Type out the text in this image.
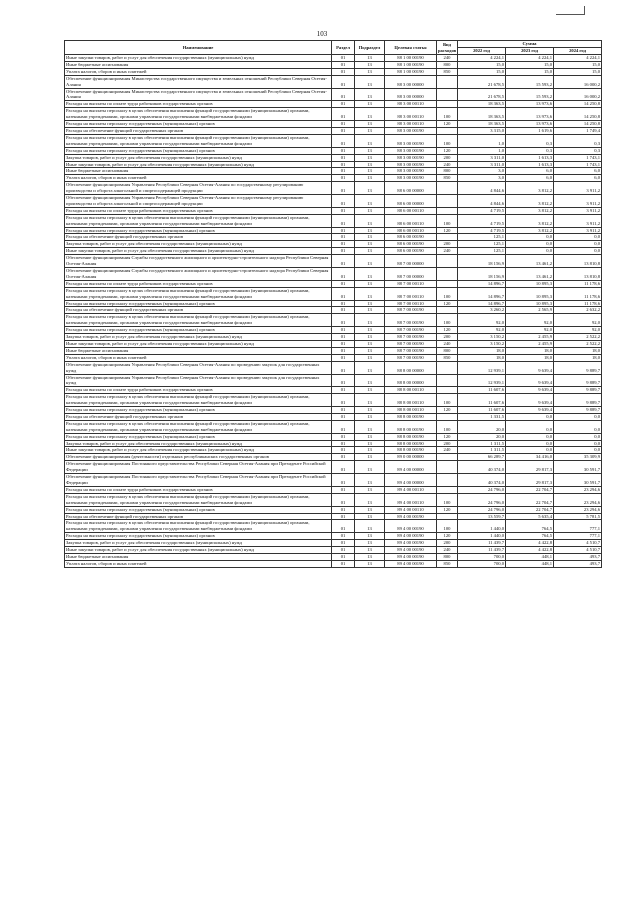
103
Наименование	Раздел	Подраздел	Целевая статья	Вид расходов	Сумма		
					2022 год	2023 год	2024 год
Иные закупки товаров, работ и услуг для обеспечения государственных (муниципальных) нужд	01	13	88 1 00 00190	240	4 224,1	4 224,1	4 224,1
Иные бюджетные ассигнования	01	13	88 1 00 00190	800	15,0	15,0	15,0
Уплата налогов, сборов и иных платежей	01	13	88 1 00 00190	850	15,0	15,0	15,0
Обеспечение функционирования Министерства государственного имущества и земельных отношений Республики Северная Осетия-Алания	01	13	88 3 00 00000		21 678,5	15 593,2	16 000,2
Обеспечение функционирования Министерства государственного имущества и земельных отношений Республики Северная Осетия-Алания	01	13	88 3 00 00000		21 678,5	15 593,2	16 000,2
Расходы на выплаты по оплате труда работников государственных органов	01	13	88 3 00 00110		18 363,5	13 973,6	14 250,8
Расходы на выплаты персоналу в целях обеспечения выполнения функций государственными (муниципальными) органами, казенными учреждениями, органами управления государственными внебюджетными фондами	01	13	88 3 00 00110	100	18 363,5	13 973,6	14 250,8
Расходы на выплаты персоналу государственных (муниципальных) органов	01	13	88 3 00 00110	120	18 363,5	13 973,6	14 250,8
Расходы на обеспечение функций государственных органов	01	13	88 3 00 00190		3 315,0	1 619,6	1 749,4
Расходы на выплаты персоналу в целях обеспечения выполнения функций государственными (муниципальными) органами, казенными учреждениями, органами управления государственными внебюджетными фондами	01	13	88 3 00 00190	100	1,0	0,3	0,3
Расходы на выплаты персоналу государственных (муниципальных) органов	01	13	88 3 00 00190	120	1,0	0,3	0,3
Закупка товаров, работ и услуг для обеспечения государственных (муниципальных) нужд	01	13	88 3 00 00190	200	3 311,0	1 613,3	1 743,1
Иные закупки товаров, работ и услуг для обеспечения государственных (муниципальных) нужд	01	13	88 3 00 00190	240	3 311,0	1 613,3	1 743,1
Иные бюджетные ассигнования	01	13	88 3 00 00190	800	3,0	6,0	6,0
Уплата налогов, сборов и иных платежей	01	13	88 3 00 00190	850	3,0	6,0	6,0
Обеспечение функционирования Управления Республики Северная Осетия-Алания по государственному регулированию производства и оборота алкогольной и спиртосодержащей продукции	01	13	88 6 00 00000		4 844,6	3 812,2	3 911,2
Обеспечение функционирования Управления Республики Северная Осетия-Алания по государственному регулированию производства и оборота алкогольной и спиртосодержащей продукции	01	13	88 6 00 00000		4 844,6	3 812,2	3 911,2
Расходы на выплаты по оплате труда работников государственных органов	01	13	88 6 00 00110		4 719,5	3 812,2	3 911,2
Расходы на выплаты персоналу в целях обеспечения выполнения функций государственными (муниципальными) органами, казенными учреждениями, органами управления государственными внебюджетными фондами	01	13	88 6 00 00110	100	4 719,5	3 812,2	3 911,2
Расходы на выплаты персоналу государственных (муниципальных) органов	01	13	88 6 00 00110	120	4 719,5	3 812,2	3 911,2
Расходы на обеспечение функций государственных органов	01	13	88 6 00 00190		125,1	0,0	0,0
Закупка товаров, работ и услуг для обеспечения государственных (муниципальных) нужд	01	13	88 6 00 00190	200	125,1	0,0	0,0
Иные закупки товаров, работ и услуг для обеспечения государственных (муниципальных) нужд	01	13	88 6 00 00190	240	125,1	0,0	0,0
Обеспечение функционирования Службы государственного жилищного и архитектурно-строительного надзора Республики Северная Осетия-Алания	01	13	88 7 00 00000		18 156,9	13 461,2	13 810,8
Обеспечение функционирования Службы государственного жилищного и архитектурно-строительного надзора Республики Северная Осетия-Алания	01	13	88 7 00 00000		18 156,9	13 461,2	13 810,8
Расходы на выплаты по оплате труда работников государственных органов	01	13	88 7 00 00110		14 896,7	10 895,3	11 178,6
Расходы на выплаты персоналу в целях обеспечения выполнения функций государственными (муниципальными) органами, казенными учреждениями, органами управления государственными внебюджетными фондами	01	13	88 7 00 00110	100	14 896,7	10 895,3	11 178,6
Расходы на выплаты персоналу государственных (муниципальных) органов	01	13	88 7 00 00110	120	14 896,7	10 895,3	11 178,6
Расходы на обеспечение функций государственных органов	01	13	88 7 00 00190		3 260,2	2 565,9	2 632,2
Расходы на выплаты персоналу в целях обеспечения выполнения функций государственными (муниципальными) органами, казенными учреждениями, органами управления государственными внебюджетными фондами	01	13	88 7 00 00190	100	92,0	92,0	92,0
Расходы на выплаты персоналу государственных (муниципальных) органов	01	13	88 7 00 00190	120	92,0	92,0	92,0
Закупка товаров, работ и услуг для обеспечения государственных (муниципальных) нужд	01	13	88 7 00 00190	200	3 150,2	2 455,9	2 522,2
Иные закупки товаров, работ и услуг для обеспечения государственных (муниципальных) нужд	01	13	88 7 00 00190	240	3 150,2	2 455,9	2 522,2
Иные бюджетные ассигнования	01	13	88 7 00 00190	800	18,0	18,0	18,0
Уплата налогов, сборов и иных платежей	01	13	88 7 00 00190	850	18,0	18,0	18,0
Обеспечение функционирования Управления Республики Северная Осетия-Алания по проведению закупок для государственных нужд	01	13	88 8 00 00000		12 939,1	9 639,4	9 889,7
Обеспечение функционирования Управления Республики Северная Осетия-Алания по проведению закупок для государственных нужд	01	13	88 8 00 00000		12 939,1	9 639,4	9 889,7
Расходы на выплаты по оплате труда работников государственных органов	01	13	88 8 00 00110		11 607,6	9 639,4	9 889,7
Расходы на выплаты персоналу в целях обеспечения выполнения функций государственными (муниципальными) органами, казенными учреждениями, органами управления государственными внебюджетными фондами	01	13	88 8 00 00110	100	11 607,6	9 639,4	9 889,7
Расходы на выплаты персоналу государственных (муниципальных) органов	01	13	88 8 00 00110	120	11 607,6	9 639,4	9 889,7
Расходы на обеспечение функций государственных органов	01	13	88 8 00 00190		1 331,5	0,0	0,0
Расходы на выплаты персоналу в целях обеспечения выполнения функций государственными (муниципальными) органами, казенными учреждениями, органами управления государственными внебюджетными фондами	01	13	88 8 00 00190	100	20,0	0,0	0,0
Расходы на выплаты персоналу государственных (муниципальных) органов	01	13	88 8 00 00190	120	20,0	0,0	0,0
Закупка товаров, работ и услуг для обеспечения государственных (муниципальных) нужд	01	13	88 8 00 00190	200	1 311,5	0,0	0,0
Иные закупки товаров, работ и услуг для обеспечения государственных (муниципальных) нужд	01	13	88 8 00 00190	240	1 311,5	0,0	0,0
Обеспечение функционирования (деятельности) отдельных республиканских государственных органов	01	13	89 0 00 00000		66 289,7	34 416,0	35 309,9
Обеспечение функционирования Постоянного представительства Республики Северная Осетия-Алания при Президенте Российской Федерации	01	13	89 4 00 00000		40 374,0	29 817,3	30 591,7
Обеспечение функционирования Постоянного представительства Республики Северная Осетия-Алания при Президенте Российской Федерации	01	13	89 4 00 00000		40 374,0	29 817,3	30 591,7
Расходы на выплаты по оплате труда работников государственных органов	01	13	89 4 00 00110		24 796,0	22 704,7	23 294,6
Расходы на выплаты персоналу в целях обеспечения выполнения функций государственными (муниципальными) органами, казенными учреждениями, органами управления государственными внебюджетными фондами	01	13	89 4 00 00110	100	24 796,0	22 704,7	23 294,6
Расходы на выплаты персоналу государственных (муниципальных) органов	01	13	89 4 00 00110	120	24 796,0	22 704,7	23 294,6
Расходы на обеспечение функций государственных органов	01	13	89 4 00 00190		13 559,7	5 635,4	5 781,5
Расходы на выплаты персоналу в целях обеспечения выполнения функций государственными (муниципальными) органами, казенными учреждениями, органами управления государственными внебюджетными фондами	01	13	89 4 00 00190	100	1 440,0	764,5	777,1
Расходы на выплаты персоналу государственных (муниципальных) органов	01	13	89 4 00 00190	120	1 440,0	764,5	777,1
Закупка товаров, работ и услуг для обеспечения государственных (муниципальных) нужд	01	13	89 4 00 00190	200	11 439,7	4 422,8	4 510,7
Иные закупки товаров, работ и услуг для обеспечения государственных (муниципальных) нужд	01	13	89 4 00 00190	240	11 439,7	4 422,8	4 510,7
Иные бюджетные ассигнования	01	13	89 4 00 00190	800	700,0	448,1	493,7
Уплата налогов, сборов и иных платежей	01	13	89 4 00 00190	850	700,0	448,1	493,7
